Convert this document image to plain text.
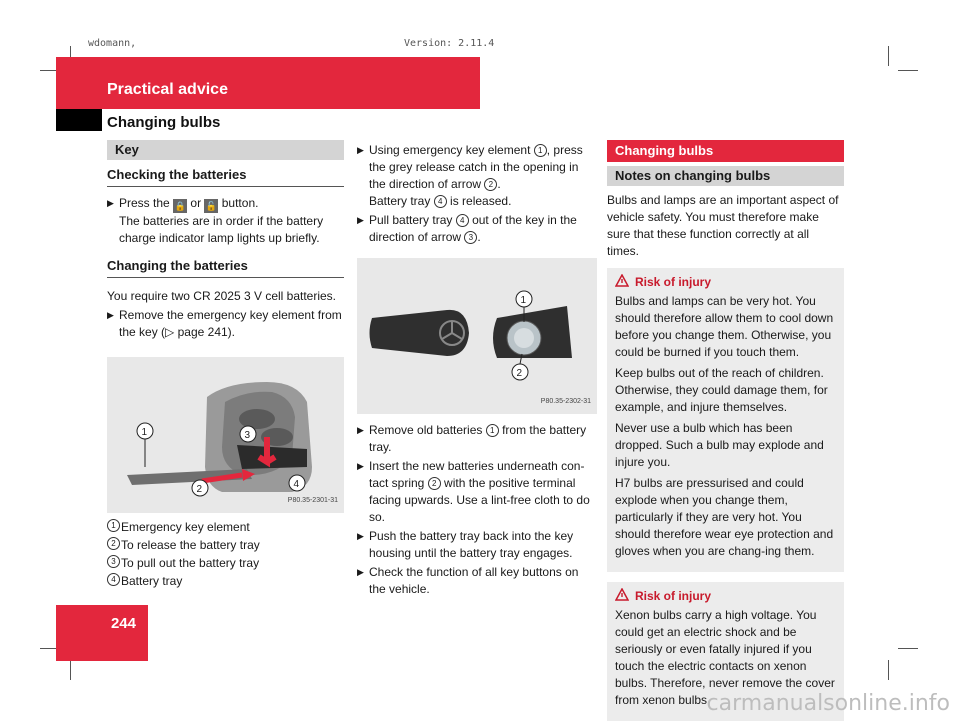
wdomann,	Version: 2.11.4
Practical advice
Changing bulbs
Key
Checking the batteries
▶ Press the 🔒 or 🔓 button.
The batteries are in order if the battery charge indicator lamp lights up briefly.
Changing the batteries

You require two CR 2025 3 V cell batteries.

▶ Remove the emergency key element from the key (▷ page 241).
1
2
3
4
P80.35-2301-31
1 Emergency key element
2 To release the battery tray
3 To pull out the battery tray
4 Battery tray
▶ Using emergency key element 1 , press the grey release catch in the opening in the direction of arrow 2 .
Battery tray 4 is released.
▶ Pull battery tray 4 out of the key in the direction of arrow 3 .
1
2
P80.35-2302-31
▶ Remove old batteries 1 from the battery tray.
▶ Insert the new batteries underneath con-tact spring 2 with the positive terminal facing upwards. Use a lint-free cloth to do so.
▶ Push the battery tray back into the key housing until the battery tray engages.
▶ Check the function of all key buttons on the vehicle.
Changing bulbs
Notes on changing bulbs

Bulbs and lamps are an important aspect of vehicle safety. You must therefore make sure that these function correctly at all times.

Risk of injury

Bulbs and lamps can be very hot. You should therefore allow them to cool down before you change them. Otherwise, you could be burned if you touch them.

Keep bulbs out of the reach of children. Otherwise, they could damage them, for example, and injure themselves.

Never use a bulb which has been dropped. Such a bulb may explode and injure you.

H7 bulbs are pressurised and could explode when you change them, particularly if they are very hot. You should therefore wear eye protection and gloves when you are chang-ing them.

Risk of injury

Xenon bulbs carry a high voltage. You could get an electric shock and be seriously or even fatally injured if you touch the electric contacts on xenon bulbs. Therefore, never remove the cover from xenon bulbs.

244
carmanualsonline.info
